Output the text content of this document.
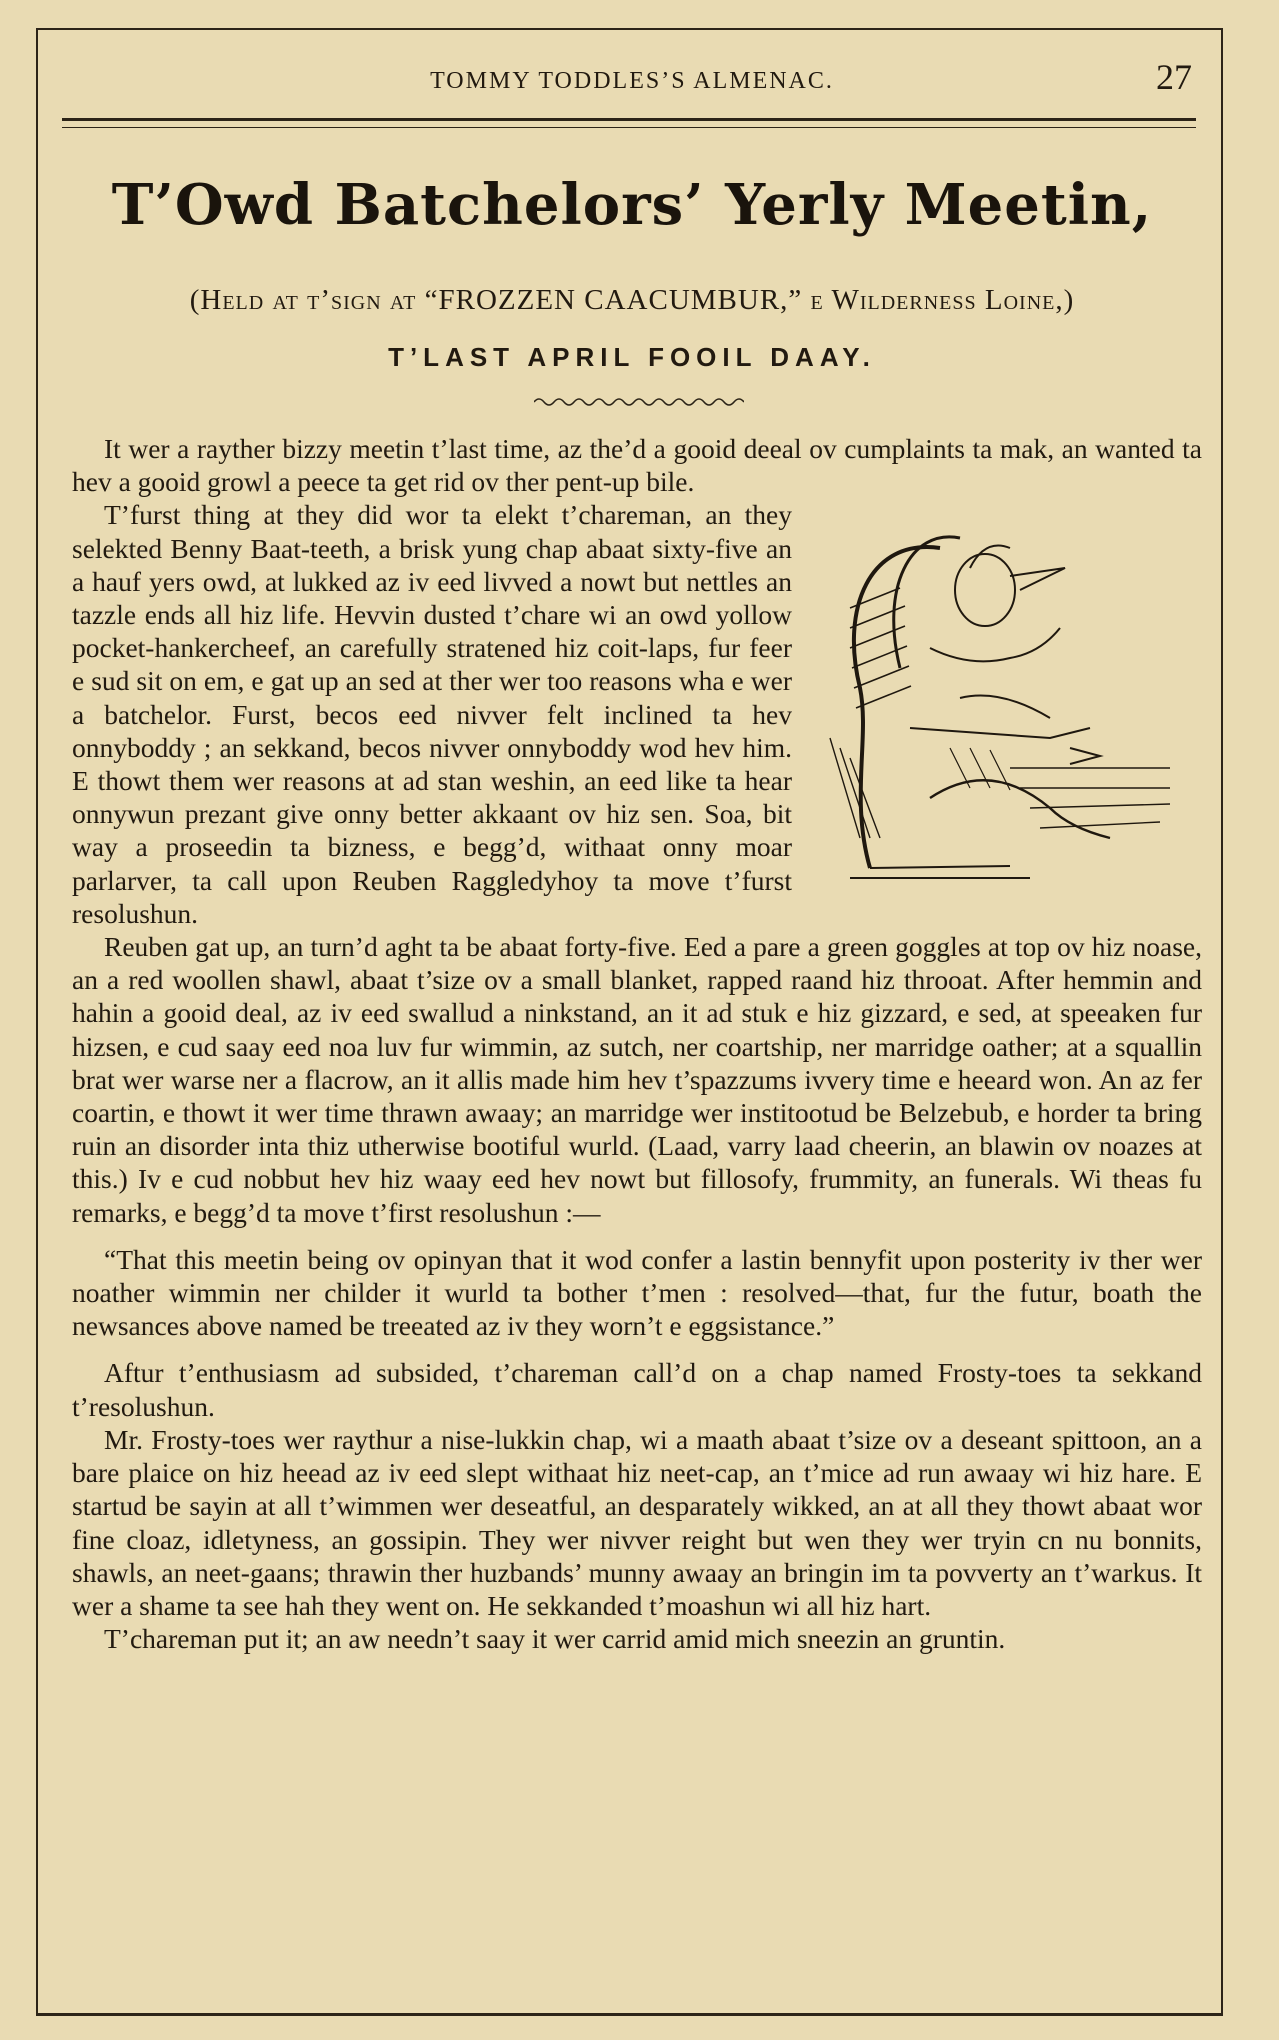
TOMMY TODDLES’S ALMENAC.	27
T’Owd Batchelors’ Yerly Meetin,
(Held at t’sign at “FROZZEN CAACUMBUR,” e Wilderness Loine,)
T’LAST APRIL FOOIL DAAY.

It wer a rayther bizzy meetin t’last time, az the’d a gooid deeal ov cumplaints ta mak, an wanted ta hev a gooid growl a peece ta get rid ov ther pent-up bile.

T’furst thing at they did wor ta elekt t’chareman, an they selekted Benny Baat-teeth, a brisk yung chap abaat sixty-five an a hauf yers owd, at lukked az iv eed livved a nowt but nettles an tazzle ends all hiz life. Hevvin dusted t’chare wi an owd yollow pocket-hankercheef, an carefully stratened hiz coit-laps, fur feer e sud sit on em, e gat up an sed at ther wer too reasons wha e wer a batchelor. Furst, becos eed nivver felt inclined ta hev onnyboddy ; an sekkand, becos nivver onnyboddy wod hev him. E thowt them wer reasons at ad stan weshin, an eed like ta hear onnywun prezant give onny better akkaant ov hiz sen. Soa, bit way a proseedin ta bizness, e begg’d, withaat onny moar parlarver, ta call upon Reuben Raggledyhoy ta move t’furst resolushun.

Reuben gat up, an turn’d aght ta be abaat forty-five. Eed a pare a green goggles at top ov hiz noase, an a red woollen shawl, abaat t’size ov a small blanket, rapped raand hiz throoat. After hemmin and hahin a gooid deal, az iv eed swallud a ninkstand, an it ad stuk e hiz gizzard, e sed, at speeaken fur hizsen, e cud saay eed noa luv fur wimmin, az sutch, ner coartship, ner marridge oather; at a squallin brat wer warse ner a flacrow, an it allis made him hev t’spazzums ivvery time e heeard won. An az fer coartin, e thowt it wer time thrawn awaay; an marridge wer institootud be Belzebub, e horder ta bring ruin an disorder inta thiz utherwise bootiful wurld. (Laad, varry laad cheerin, an blawin ov noazes at this.) Iv e cud nobbut hev hiz waay eed hev nowt but fillosofy, frummity, an funerals. Wi theas fu remarks, e begg’d ta move t’first resolushun :—

“That this meetin being ov opinyan that it wod confer a lastin bennyfit upon posterity iv ther wer noather wimmin ner childer it wurld ta bother t’men : resolved—that, fur the futur, boath the newsances above named be treeated az iv they worn’t e eggsistance.”

Aftur t’enthusiasm ad subsided, t’chareman call’d on a chap named Frosty-toes ta sekkand t’resolushun.

Mr. Frosty-toes wer raythur a nise-lukkin chap, wi a maath abaat t’size ov a deseant spittoon, an a bare plaice on hiz heead az iv eed slept withaat hiz neet-cap, an t’mice ad run awaay wi hiz hare. E startud be sayin at all t’wimmen wer deseatful, an desparately wikked, an at all they thowt abaat wor fine cloaz, idletyness, an gossipin. They wer nivver reight but wen they wer tryin cn nu bonnits, shawls, an neet-gaans; thrawin ther huzbands’ munny awaay an bringin im ta povverty an t’warkus. It wer a shame ta see hah they went on. He sekkanded t’moashun wi all hiz hart.

T’chareman put it; an aw needn’t saay it wer carrid amid mich sneezin an gruntin.
